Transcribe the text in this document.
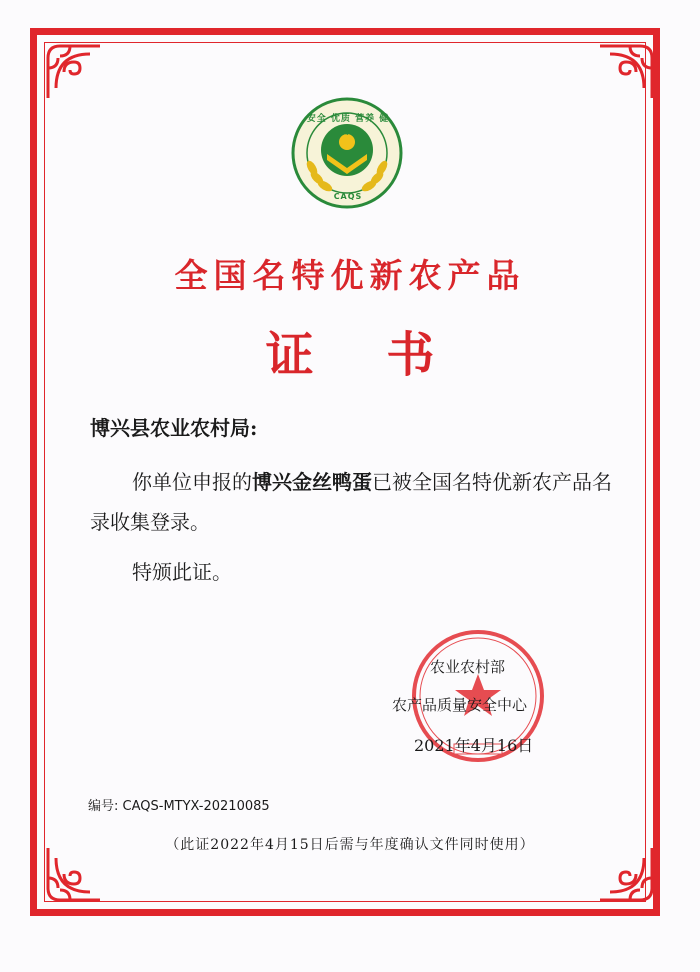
安全 优质 营养 健康
CAQS
全国名特优新农产品
证 书
博兴县农业农村局:
你单位申报的博兴金丝鸭蛋已被全国名特优新农产品名录收集登录。
特颁此证。
农业农村部
农产品质量安全中心
2021年4月16日
编号: CAQS-MTYX-20210085
（此证2022年4月15日后需与年度确认文件同时使用）
